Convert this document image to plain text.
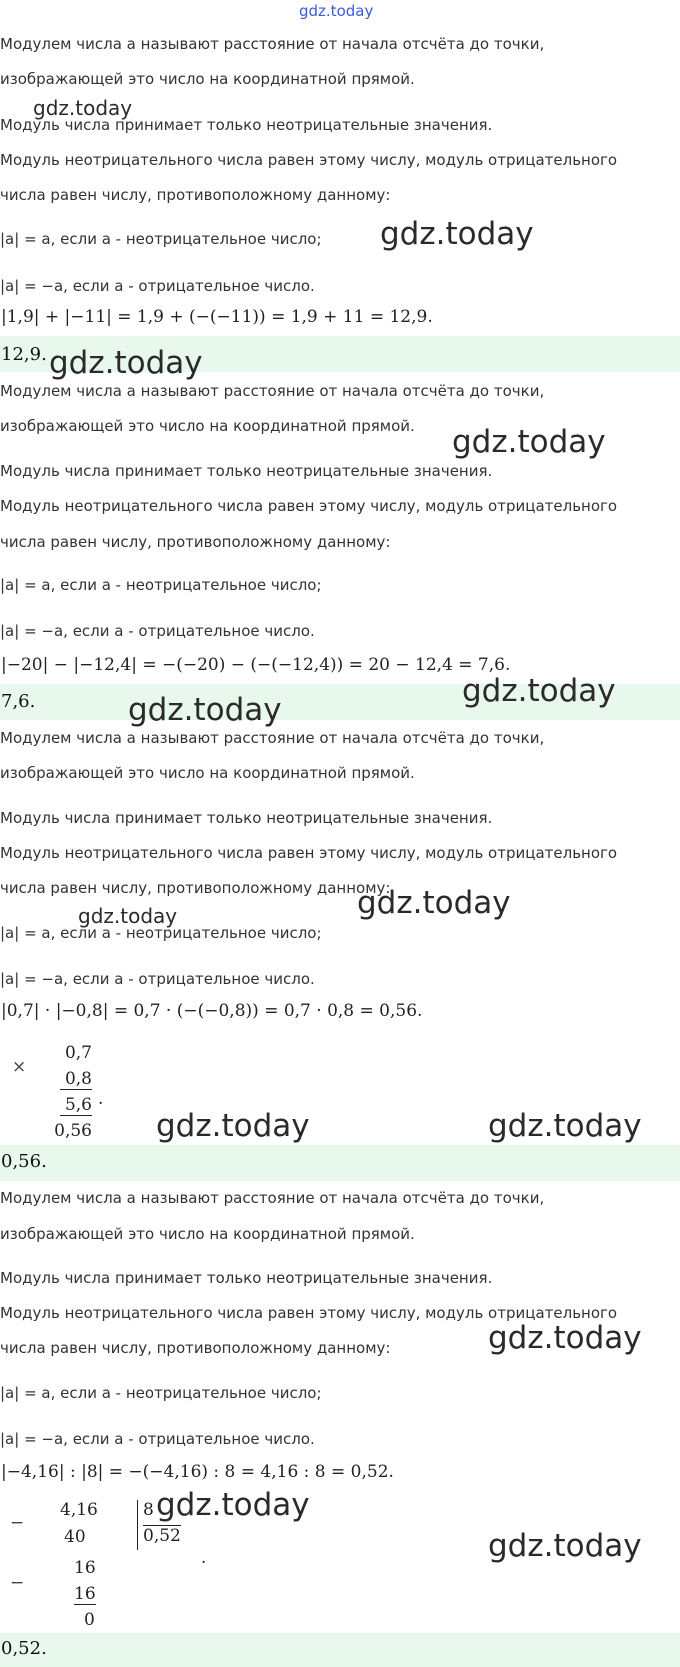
gdz.today
Модулем числа a называют расстояние от начала отсчёта до точки,
изображающей это число на координатной прямой.
gdz.today
Модуль числа принимает только неотрицательные значения.
Модуль неотрицательного числа равен этому числу, модуль отрицательного
числа равен числу, противоположному данному:
|a| = a, если a - неотрицательное число; gdz.today
|a| = −a, если a - отрицательное число.
|1,9| + |−11| = 1,9 + (−(−11)) = 1,9 + 11 = 12,9.
12,9. gdz.today
Модулем числа a называют расстояние от начала отсчёта до точки,
изображающей это число на координатной прямой. gdz.today
Модуль числа принимает только неотрицательные значения.
Модуль неотрицательного числа равен этому числу, модуль отрицательного
числа равен числу, противоположному данному:
|a| = a, если a - неотрицательное число;
|a| = −a, если a - отрицательное число.
|−20| − |−12,4| = −(−20) − (−(−12,4)) = 20 − 12,4 = 7,6.
7,6.	gdz.today
gdz.today
Модулем числа a называют расстояние от начала отсчёта до точки,
изображающей это число на координатной прямой.
Модуль числа принимает только неотрицательные значения.
Модуль неотрицательного числа равен этому числу, модуль отрицательного
числа равен числу, противоположному данному:
gdz.today
|a| = a, если a - неотрицательное число;
gdz.today
|a| = −a, если a - отрицательное число.
|0,7| · |−0,8| = 0,7 · (−(−0,8)) = 0,7 · 0,8 = 0,56.
×
0,7
0,8
5,6 .
0,56 gdz.today	gdz.today
0,56.
Модулем числа a называют расстояние от начала отсчёта до точки,
изображающей это число на координатной прямой.
Модуль числа принимает только неотрицательные значения.
Модуль неотрицательного числа равен этому числу, модуль отрицательного
gdz.today
числа равен числу, противоположному данному:
|a| = a, если a - неотрицательное число;
|a| = −a, если a - отрицательное число.
|−4,16| : |8| = −(−4,16) : 8 = 4,16 : 8 = 0,52.
−
4,16
40
8
0,52
gdz.today
.	gdz.today
−
16
16
0
0,52.
